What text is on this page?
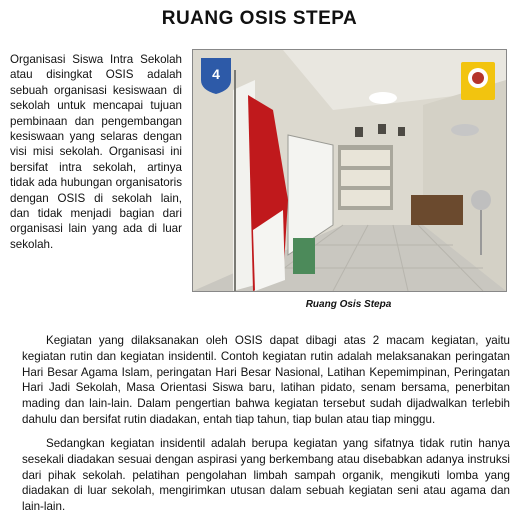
RUANG OSIS STEPA

Organisasi Siswa Intra Sekolah atau disingkat OSIS adalah sebuah organisasi kesiswaan di sekolah untuk mencapai tujuan pembinaan dan pengembangan kesiswaan yang selaras dengan visi misi sekolah. Organisasi ini bersifat intra sekolah, artinya tidak ada hubungan organisatoris dengan OSIS di sekolah lain, dan tidak menjadi bagian dari organisasi lain yang ada di luar sekolah.

4

Ruang Osis Stepa

Kegiatan yang dilaksanakan oleh OSIS dapat dibagi atas 2 macam kegiatan, yaitu kegiatan rutin dan kegiatan insidentil. Contoh kegiatan rutin adalah melaksanakan peringatan Hari Besar Agama Islam, peringatan Hari Besar Nasional, Latihan Kepemimpinan, Peringatan Hari Jadi Sekolah, Masa Orientasi Siswa baru, latihan pidato, senam bersama, penerbitan mading dan lain-lain. Dalam pengertian bahwa kegiatan tersebut sudah dijadwalkan terlebih dahulu dan bersifat rutin diadakan, entah tiap tahun, tiap bulan atau tiap minggu.

Sedangkan kegiatan insidentil adalah berupa kegiatan yang sifatnya tidak rutin hanya sesekali diadakan sesuai dengan aspirasi yang berkembang atau disebabkan adanya instruksi dari pihak sekolah. pelatihan pengolahan limbah sampah organik, mengikuti lomba yang diadakan di luar sekolah, mengirimkan utusan dalam sebuah kegiatan seni atau agama dan lain-lain.
